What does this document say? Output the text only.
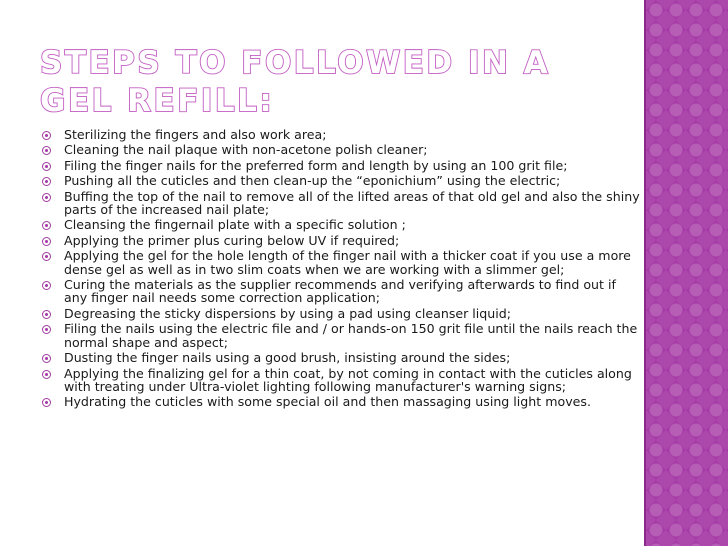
STEPS TO FOLLOWED IN A GEL REFILL:
Sterilizing the fingers and also work area;
Cleaning the nail plaque with non-acetone polish cleaner;
Filing the finger nails for the preferred form and length by using an 100 grit file;
Pushing all the cuticles and then clean-up the “eponichium” using the electric;
Buffing the top of the nail to remove all of the lifted areas of that old gel and also the shiny parts of the increased nail plate;
Cleansing the fingernail plate with a specific solution ;
Applying the primer plus curing below UV if required;
Applying the gel for the hole length of the finger nail with a thicker coat if you use a more dense gel as well as in two slim coats when we are working with a slimmer gel;
Curing the materials as the supplier recommends and verifying afterwards to find out if any finger nail needs some correction application;
Degreasing the sticky dispersions by using a pad using cleanser liquid;
Filing the nails using the electric file and / or hands-on 150 grit file until the nails reach the normal shape and aspect;
Dusting the finger nails using a good brush, insisting around the sides;
Applying the finalizing gel for a thin coat, by not coming in contact with the cuticles along with treating under Ultra-violet lighting following manufacturer's warning signs;
Hydrating the cuticles with some special oil and then massaging using light moves.
